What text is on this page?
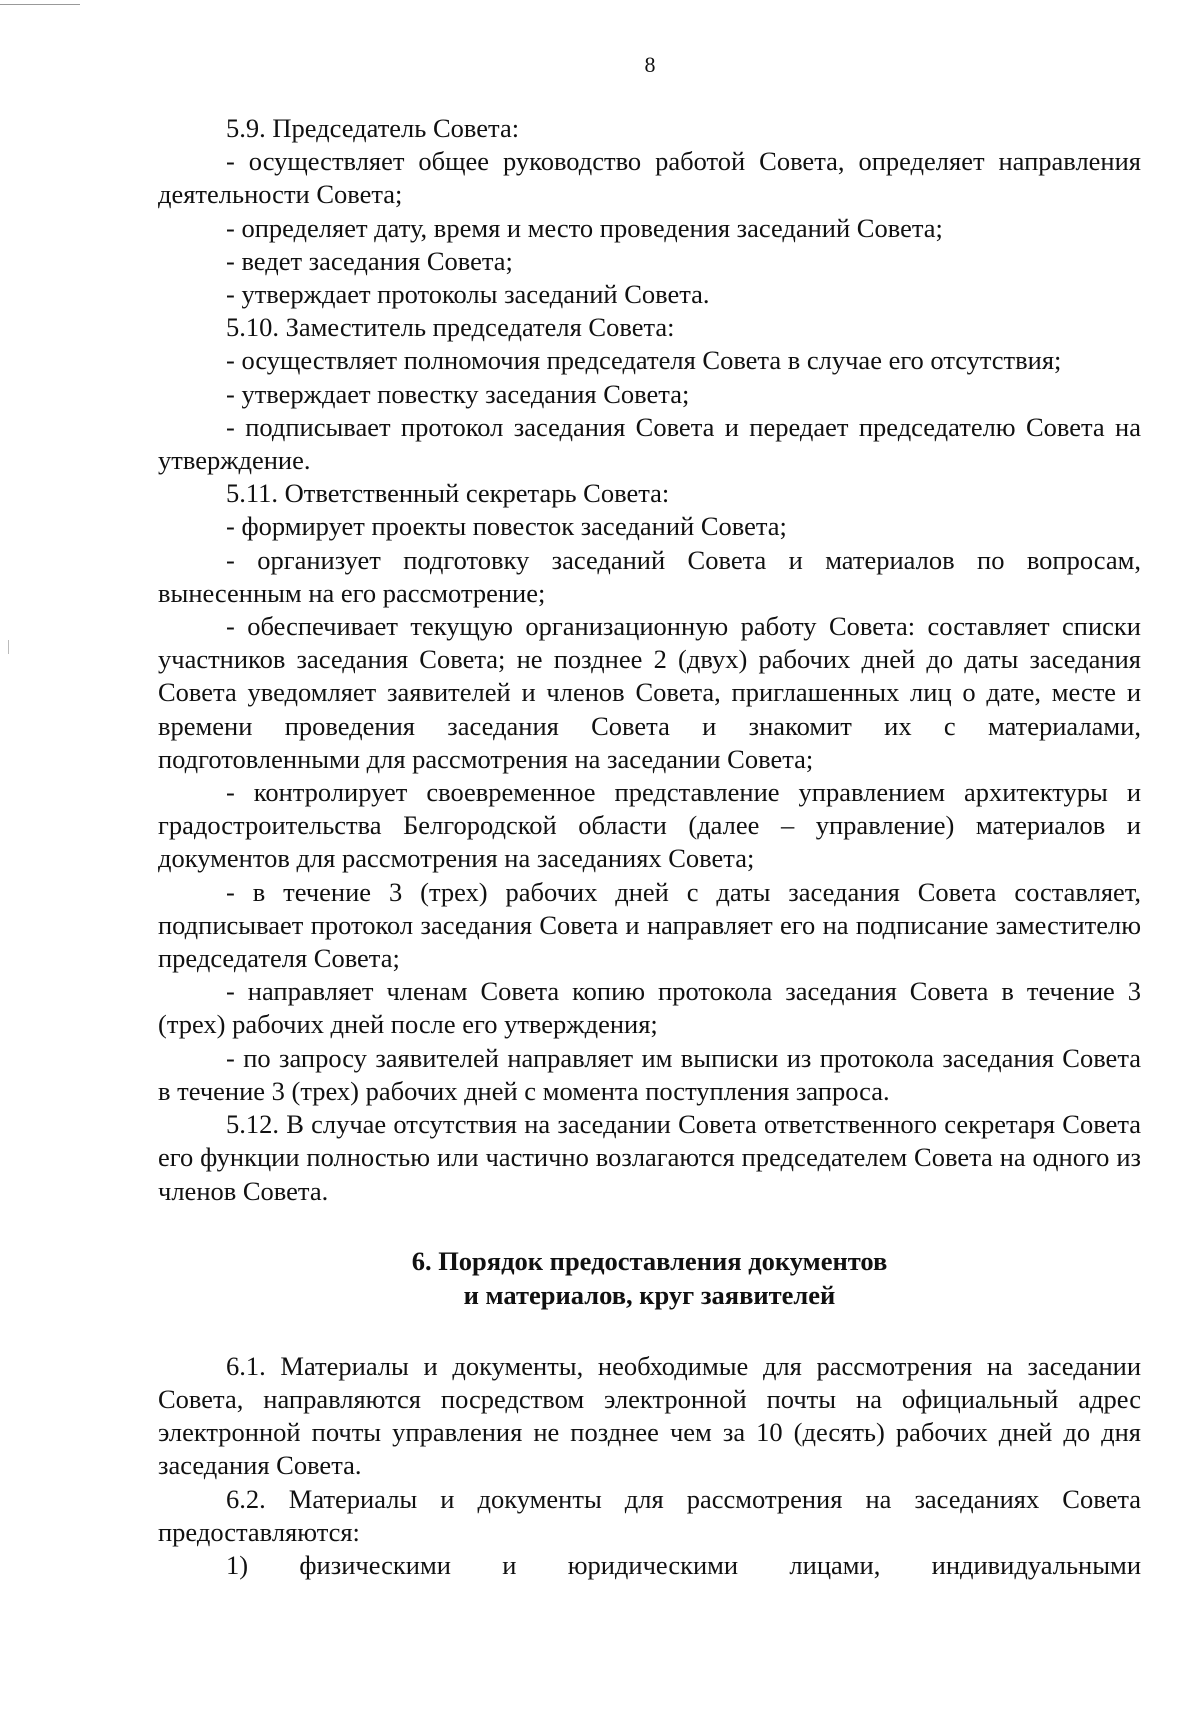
8

5.9. Председатель Совета:

- осуществляет общее руководство работой Совета, определяет направления деятельности Совета;

- определяет дату, время и место проведения заседаний Совета;

- ведет заседания Совета;

- утверждает протоколы заседаний Совета.

5.10. Заместитель председателя Совета:

- осуществляет полномочия председателя Совета в случае его отсутствия;

- утверждает повестку заседания Совета;

- подписывает протокол заседания Совета и передает председателю Совета на утверждение.

5.11. Ответственный секретарь Совета:

- формирует проекты повесток заседаний Совета;

- организует подготовку заседаний Совета и материалов по вопросам, вынесенным на его рассмотрение;

- обеспечивает текущую организационную работу Совета: составляет списки участников заседания Совета; не позднее 2 (двух) рабочих дней до даты заседания Совета уведомляет заявителей и членов Совета, приглашенных лиц о дате, месте и времени проведения заседания Совета и знакомит их с материалами, подготовленными для рассмотрения на заседании Совета;

- контролирует своевременное представление управлением архитектуры и градостроительства Белгородской области (далее – управление) материалов и документов для рассмотрения на заседаниях Совета;

- в течение 3 (трех) рабочих дней с даты заседания Совета составляет, подписывает протокол заседания Совета и направляет его на подписание заместителю председателя Совета;

- направляет членам Совета копию протокола заседания Совета в течение 3 (трех) рабочих дней после его утверждения;

- по запросу заявителей направляет им выписки из протокола заседания Совета в течение 3 (трех) рабочих дней с момента поступления запроса.

5.12. В случае отсутствия на заседании Совета ответственного секретаря Совета его функции полностью или частично возлагаются председателем Совета на одного из членов Совета.

6. Порядок предоставления документов
и материалов, круг заявителей

6.1. Материалы и документы, необходимые для рассмотрения на заседании Совета, направляются посредством электронной почты на официальный адрес электронной почты управления не позднее чем за 10 (десять) рабочих дней до дня заседания Совета.

6.2. Материалы и документы для рассмотрения на заседаниях Совета предоставляются:

1) физическими и юридическими лицами, индивидуальными
